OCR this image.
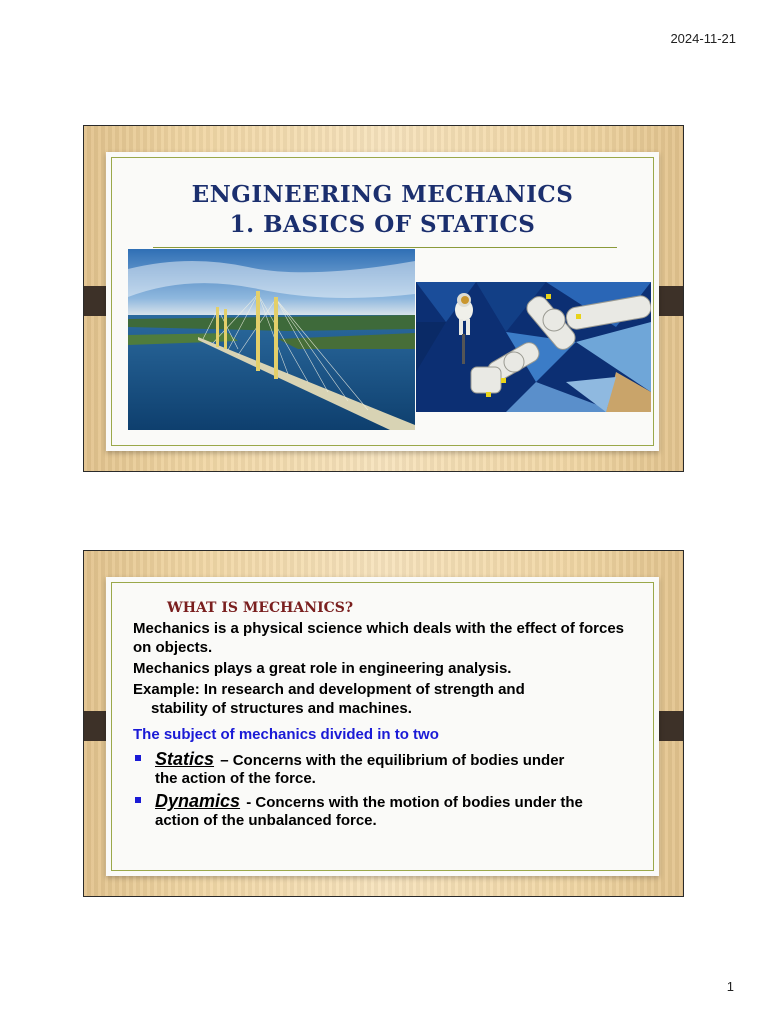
2024-11-21
ENGINEERING MECHANICS
1. BASICS OF STATICS
WHAT IS MECHANICS?
Mechanics is a physical science which deals with the effect of forces on objects.
Mechanics plays a great role in engineering analysis.
Example: In research and development of strength and
stability of structures and machines.
The subject of mechanics divided in to two
Statics – Concerns with the equilibrium of bodies under
the action of the force.
Dynamics - Concerns with the motion of bodies under the
action of the unbalanced force.
1
